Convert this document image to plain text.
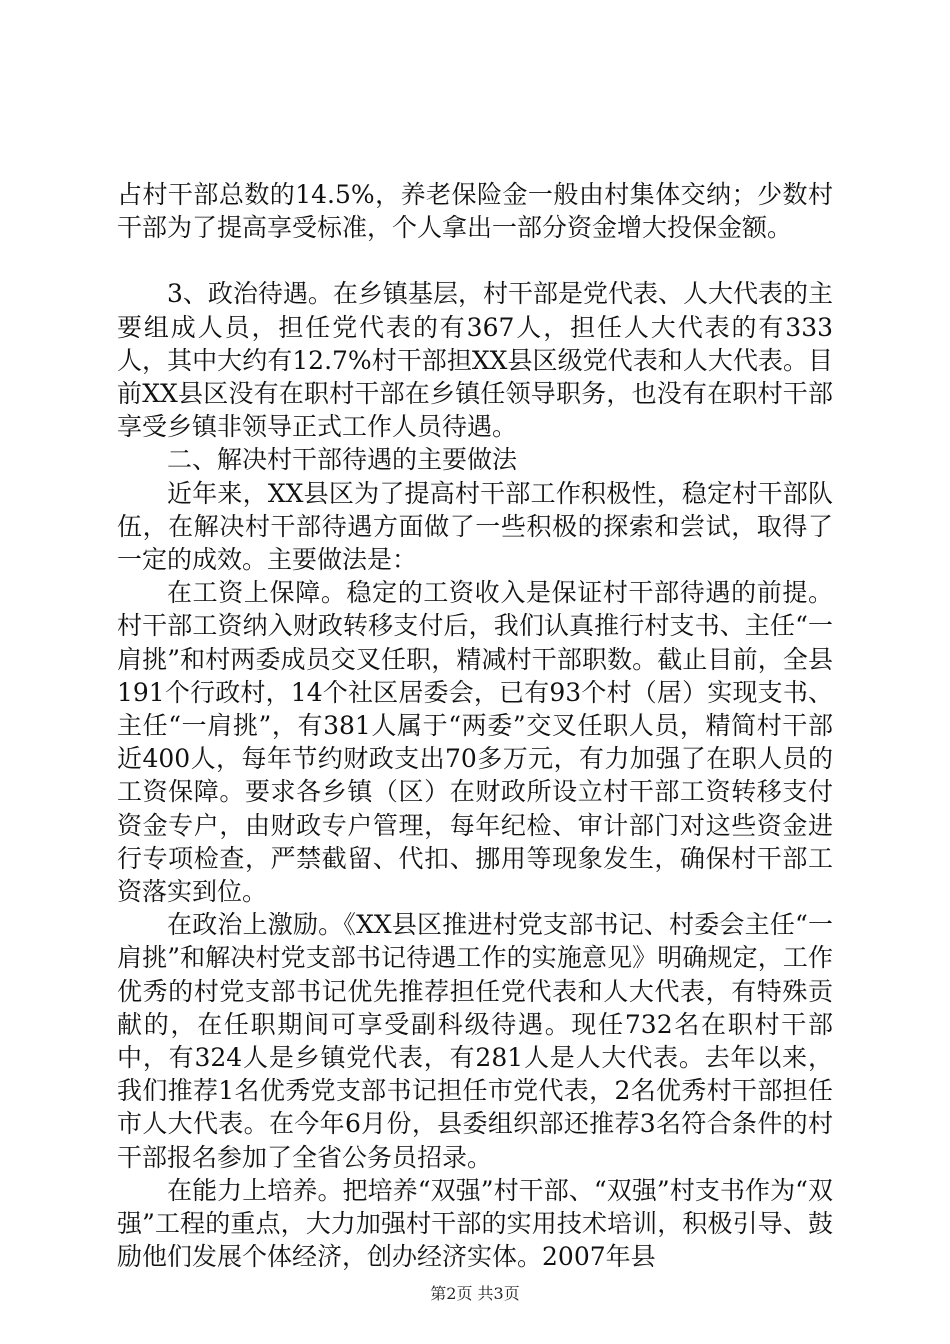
占村干部总数的14.5%，养老保险金一般由村集体交纳；少数村干部为了提高享受标准，个人拿出一部分资金增大投保金额。

3、政治待遇。在乡镇基层，村干部是党代表、人大代表的主要组成人员，担任党代表的有367人，担任人大代表的有333人，其中大约有12.7%村干部担XX县区级党代表和人大代表。目前XX县区没有在职村干部在乡镇任领导职务，也没有在职村干部享受乡镇非领导正式工作人员待遇。

二、解决村干部待遇的主要做法

近年来，XX县区为了提高村干部工作积极性，稳定村干部队伍，在解决村干部待遇方面做了一些积极的探索和尝试，取得了一定的成效。主要做法是：

在工资上保障。稳定的工资收入是保证村干部待遇的前提。村干部工资纳入财政转移支付后，我们认真推行村支书、主任“一肩挑”和村两委成员交叉任职，精减村干部职数。截止目前，全县191个行政村，14个社区居委会，已有93个村（居）实现支书、主任“一肩挑”，有381人属于“两委”交叉任职人员，精简村干部近400人，每年节约财政支出70多万元，有力加强了在职人员的工资保障。要求各乡镇（区）在财政所设立村干部工资转移支付资金专户，由财政专户管理，每年纪检、审计部门对这些资金进行专项检查，严禁截留、代扣、挪用等现象发生，确保村干部工资落实到位。

在政治上激励。《XX县区推进村党支部书记、村委会主任“一肩挑”和解决村党支部书记待遇工作的实施意见》明确规定，工作优秀的村党支部书记优先推荐担任党代表和人大代表，有特殊贡献的，在任职期间可享受副科级待遇。现任732名在职村干部中，有324人是乡镇党代表，有281人是人大代表。去年以来，我们推荐1名优秀党支部书记担任市党代表，2名优秀村干部担任市人大代表。在今年6月份，县委组织部还推荐3名符合条件的村干部报名参加了全省公务员招录。

在能力上培养。把培养“双强”村干部、“双强”村支书作为“双强”工程的重点，大力加强村干部的实用技术培训，积极引导、鼓励他们发展个体经济，创办经济实体。2007年县

第2页 共3页
